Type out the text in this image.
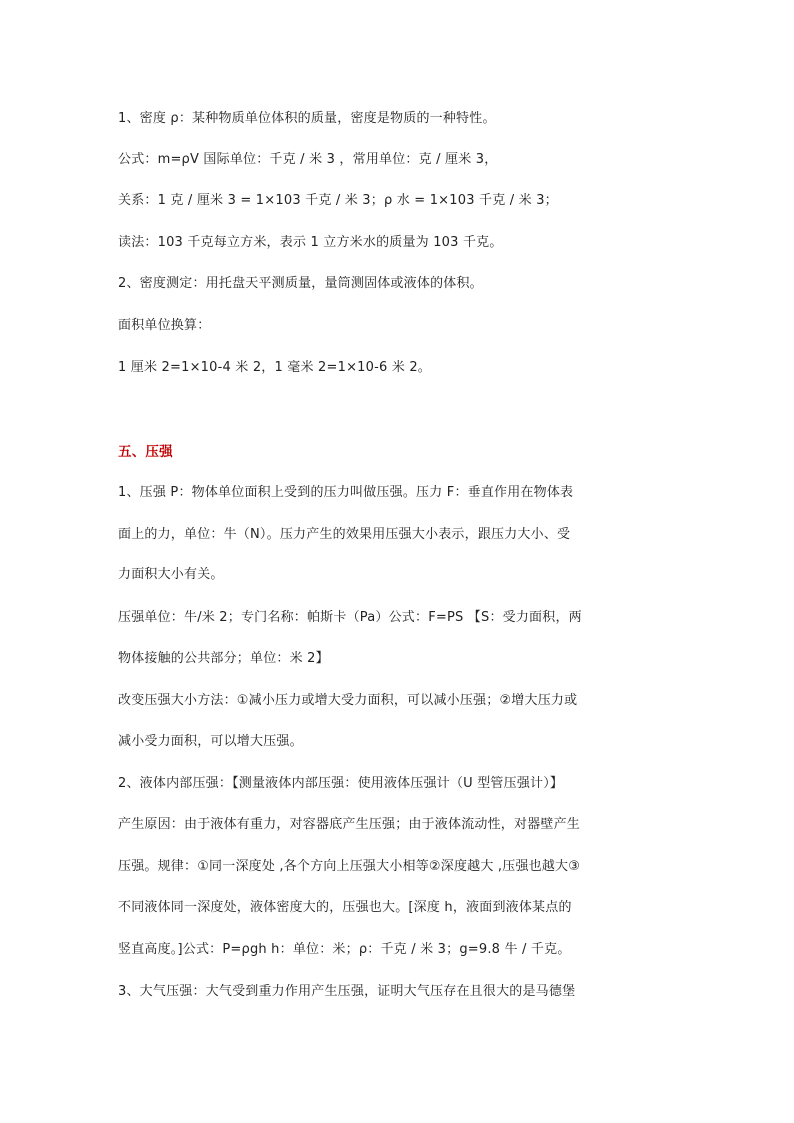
1、密度 ρ：某种物质单位体积的质量，密度是物质的一种特性。
公式：m=ρV 国际单位：千克 / 米 3 ，常用单位：克 / 厘米 3，
关系：1 克 / 厘米 3 = 1×103 千克 / 米 3；ρ 水 = 1×103 千克 / 米 3；
读法：103 千克每立方米，表示 1 立方米水的质量为 103 千克。
2、密度测定：用托盘天平测质量，量筒测固体或液体的体积。
面积单位换算：
1 厘米 2=1×10-4 米 2，1 毫米 2=1×10-6 米 2。
五、压强
1、压强 P：物体单位面积上受到的压力叫做压强。压力 F：垂直作用在物体表
面上的力，单位：牛（N）。压力产生的效果用压强大小表示，跟压力大小、受
力面积大小有关。
压强单位：牛/米 2；专门名称：帕斯卡（Pa）公式：F=PS 【S：受力面积，两
物体接触的公共部分；单位：米 2】
改变压强大小方法：①减小压力或增大受力面积，可以减小压强；②增大压力或
减小受力面积，可以增大压强。
2、液体内部压强：【测量液体内部压强：使用液体压强计（U 型管压强计）】
产生原因：由于液体有重力，对容器底产生压强；由于液体流动性，对器壁产生
压强。规律：①同一深度处 ,各个方向上压强大小相等②深度越大 ,压强也越大③
不同液体同一深度处，液体密度大的，压强也大。[深度 h，液面到液体某点的
竖直高度。]公式：P=ρgh h：单位：米；ρ：千克 / 米 3；g=9.8 牛 / 千克。
3、大气压强：大气受到重力作用产生压强，证明大气压存在且很大的是马德堡
